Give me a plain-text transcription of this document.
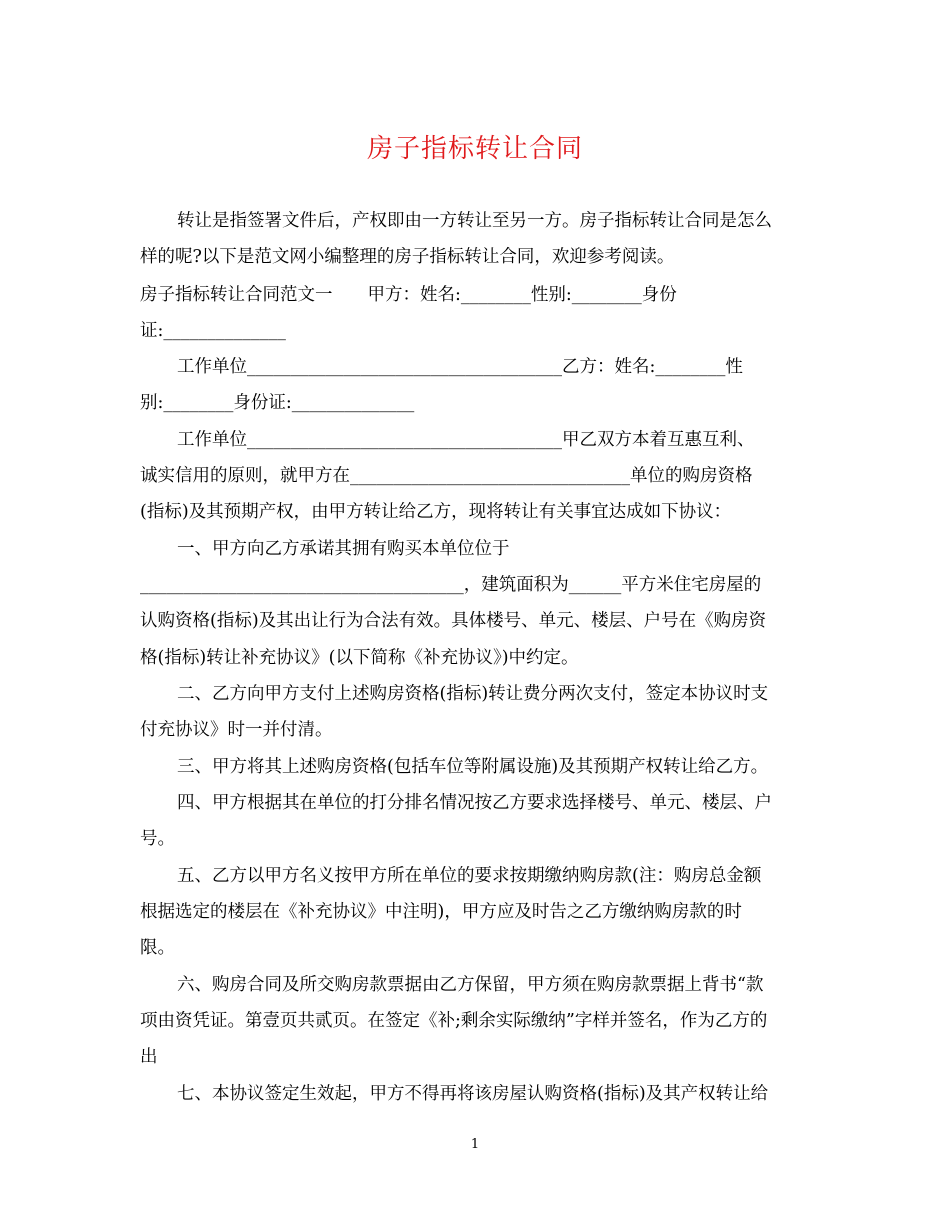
房子指标转让合同
转让是指签署文件后，产权即由一方转让至另一方。房子指标转让合同是怎么
样的呢?以下是范文网小编整理的房子指标转让合同，欢迎参考阅读。
房子指标转让合同范文一　　甲方：姓名:________性别:________身份
证:______________
工作单位____________________________________乙方：姓名:________性
别:________身份证:______________
工作单位____________________________________甲乙双方本着互惠互利、
诚实信用的原则，就甲方在________________________________单位的购房资格
(指标)及其预期产权，由甲方转让给乙方，现将转让有关事宜达成如下协议：
一、甲方向乙方承诺其拥有购买本单位位于
_____________________________________，建筑面积为______平方米住宅房屋的
认购资格(指标)及其出让行为合法有效。具体楼号、单元、楼层、户号在《购房资
格(指标)转让补充协议》(以下简称《补充协议》)中约定。
二、乙方向甲方支付上述购房资格(指标)转让费分两次支付，签定本协议时支
付充协议》时一并付清。
三、甲方将其上述购房资格(包括车位等附属设施)及其预期产权转让给乙方。
四、甲方根据其在单位的打分排名情况按乙方要求选择楼号、单元、楼层、户
号。
五、乙方以甲方名义按甲方所在单位的要求按期缴纳购房款(注：购房总金额
根据选定的楼层在《补充协议》中注明)，甲方应及时告之乙方缴纳购房款的时
限。
六、购房合同及所交购房款票据由乙方保留，甲方须在购房款票据上背书“款
项由资凭证。第壹页共贰页。在签定《补;剩余实际缴纳”字样并签名，作为乙方的
出
七、本协议签定生效起，甲方不得再将该房屋认购资格(指标)及其产权转让给
1
